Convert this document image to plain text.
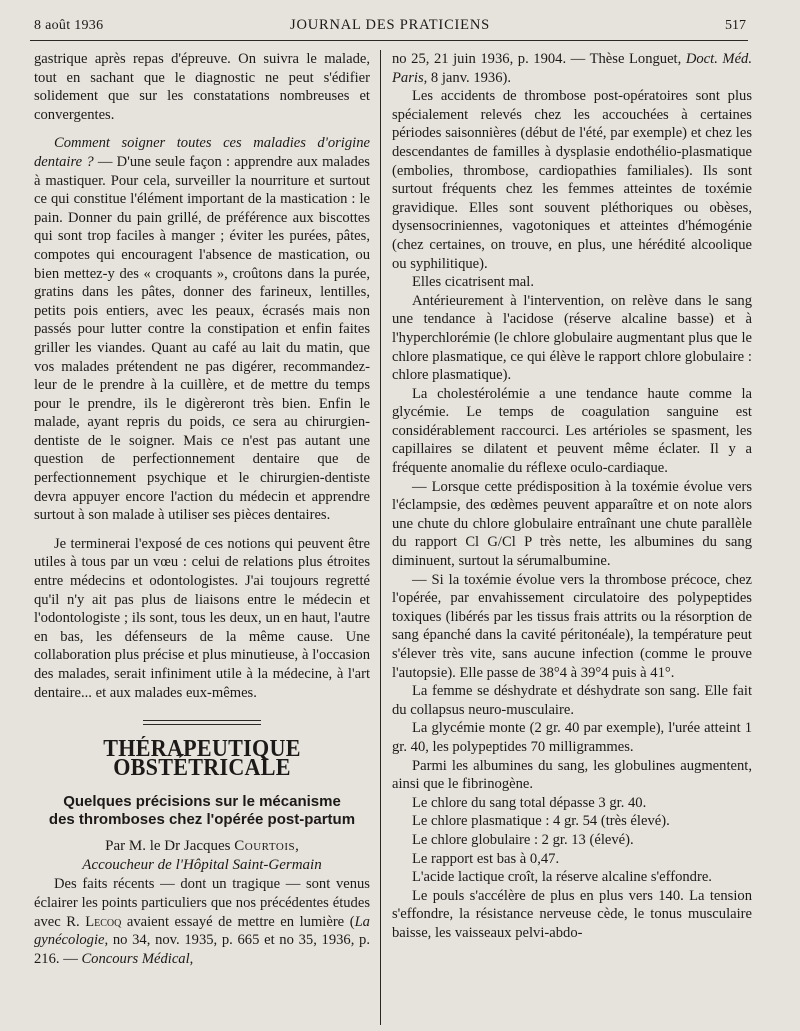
8 août 1936	JOURNAL DES PRATICIENS	517

gastrique après repas d'épreuve. On suivra le malade, tout en sachant que le diagnostic ne peut s'édifier solidement que sur les constatations nombreuses et convergentes.

Comment soigner toutes ces maladies d'origine dentaire ? — D'une seule façon : apprendre aux malades à mastiquer. Pour cela, surveiller la nourriture et surtout ce qui constitue l'élément important de la mastication : le pain. Donner du pain grillé, de préférence aux biscottes qui sont trop faciles à manger ; éviter les purées, pâtes, compotes qui encouragent l'absence de mastication, ou bien mettez-y des « croquants », croûtons dans la purée, gratins dans les pâtes, donner des farineux, lentilles, petits pois entiers, avec les peaux, écrasés mais non passés pour lutter contre la constipation et enfin faites griller les viandes. Quant au café au lait du matin, que vos malades prétendent ne pas digérer, recommandez-leur de le prendre à la cuillère, et de mettre du temps pour le prendre, ils le digèreront très bien. Enfin le malade, ayant repris du poids, ce sera au chirurgien-dentiste de le soigner. Mais ce n'est pas autant une question de perfectionnement dentaire que de perfectionnement psychique et le chirurgien-dentiste devra appuyer encore l'action du médecin et apprendre surtout à son malade à utiliser ses pièces dentaires.

Je terminerai l'exposé de ces notions qui peuvent être utiles à tous par un vœu : celui de relations plus étroites entre médecins et odontologistes. J'ai toujours regretté qu'il n'y ait pas plus de liaisons entre le médecin et l'odontologiste ; ils sont, tous les deux, un en haut, l'autre en bas, les défenseurs de la même cause. Une collaboration plus précise et plus minutieuse, à l'occasion des malades, serait infiniment utile à la médecine, à l'art dentaire... et aux malades eux-mêmes.

THÉRAPEUTIQUE OBSTÉTRICALE
Quelques précisions sur le mécanisme
des thromboses chez l'opérée post-partum
Par M. le Dr Jacques Courtois,
Accoucheur de l'Hôpital Saint-Germain

Des faits récents — dont un tragique — sont venus éclairer les points particuliers que nos précédentes études avec R. Lecoq avaient essayé de mettre en lumière (La gynécologie, no 34, nov. 1935, p. 665 et no 35, 1936, p. 216. — Concours Médical,

no 25, 21 juin 1936, p. 1904. — Thèse Longuet, Doct. Méd. Paris, 8 janv. 1936).

Les accidents de thrombose post-opératoires sont plus spécialement relevés chez les accouchées à certaines périodes saisonnières (début de l'été, par exemple) et chez les descendantes de familles à dysplasie endothélio-plasmatique (embolies, thrombose, cardiopathies familiales). Ils sont surtout fréquents chez les femmes atteintes de toxémie gravidique. Elles sont souvent pléthoriques ou obèses, dysensocriniennes, vagotoniques et atteintes d'hémogénie (chez certaines, on trouve, en plus, une hérédité alcoolique ou syphilitique).

Elles cicatrisent mal.

Antérieurement à l'intervention, on relève dans le sang une tendance à l'acidose (réserve alcaline basse) et à l'hyperchlorémie (le chlore globulaire augmentant plus que le chlore plasmatique, ce qui élève le rapport chlore globulaire : chlore plasmatique).

La cholestérolémie a une tendance haute comme la glycémie. Le temps de coagulation sanguine est considérablement raccourci. Les artérioles se spasment, les capillaires se dilatent et peuvent même éclater. Il y a fréquente anomalie du réflexe oculo-cardiaque.

— Lorsque cette prédisposition à la toxémie évolue vers l'éclampsie, des œdèmes peuvent apparaître et on note alors une chute du chlore globulaire entraînant une chute parallèle du rapport Cl G/Cl P très nette, les albumines du sang diminuent, surtout la sérumalbumine.

— Si la toxémie évolue vers la thrombose précoce, chez l'opérée, par envahissement circulatoire des polypeptides toxiques (libérés par les tissus frais attrits ou la résorption de sang épanché dans la cavité péritonéale), la température peut s'élever très vite, sans aucune infection (comme le prouve l'autopsie). Elle passe de 38°4 à 39°4 puis à 41°.

La femme se déshydrate et déshydrate son sang. Elle fait du collapsus neuro-musculaire.

La glycémie monte (2 gr. 40 par exemple), l'urée atteint 1 gr. 40, les polypeptides 70 milligrammes.

Parmi les albumines du sang, les globulines augmentent, ainsi que le fibrinogène.

Le chlore du sang total dépasse 3 gr. 40.

Le chlore plasmatique : 4 gr. 54 (très élevé).

Le chlore globulaire : 2 gr. 13 (élevé).

Le rapport est bas à 0,47.

L'acide lactique croît, la réserve alcaline s'effondre.

Le pouls s'accélère de plus en plus vers 140. La tension s'effondre, la résistance nerveuse cède, le tonus musculaire baisse, les vaisseaux pelvi-abdo-
